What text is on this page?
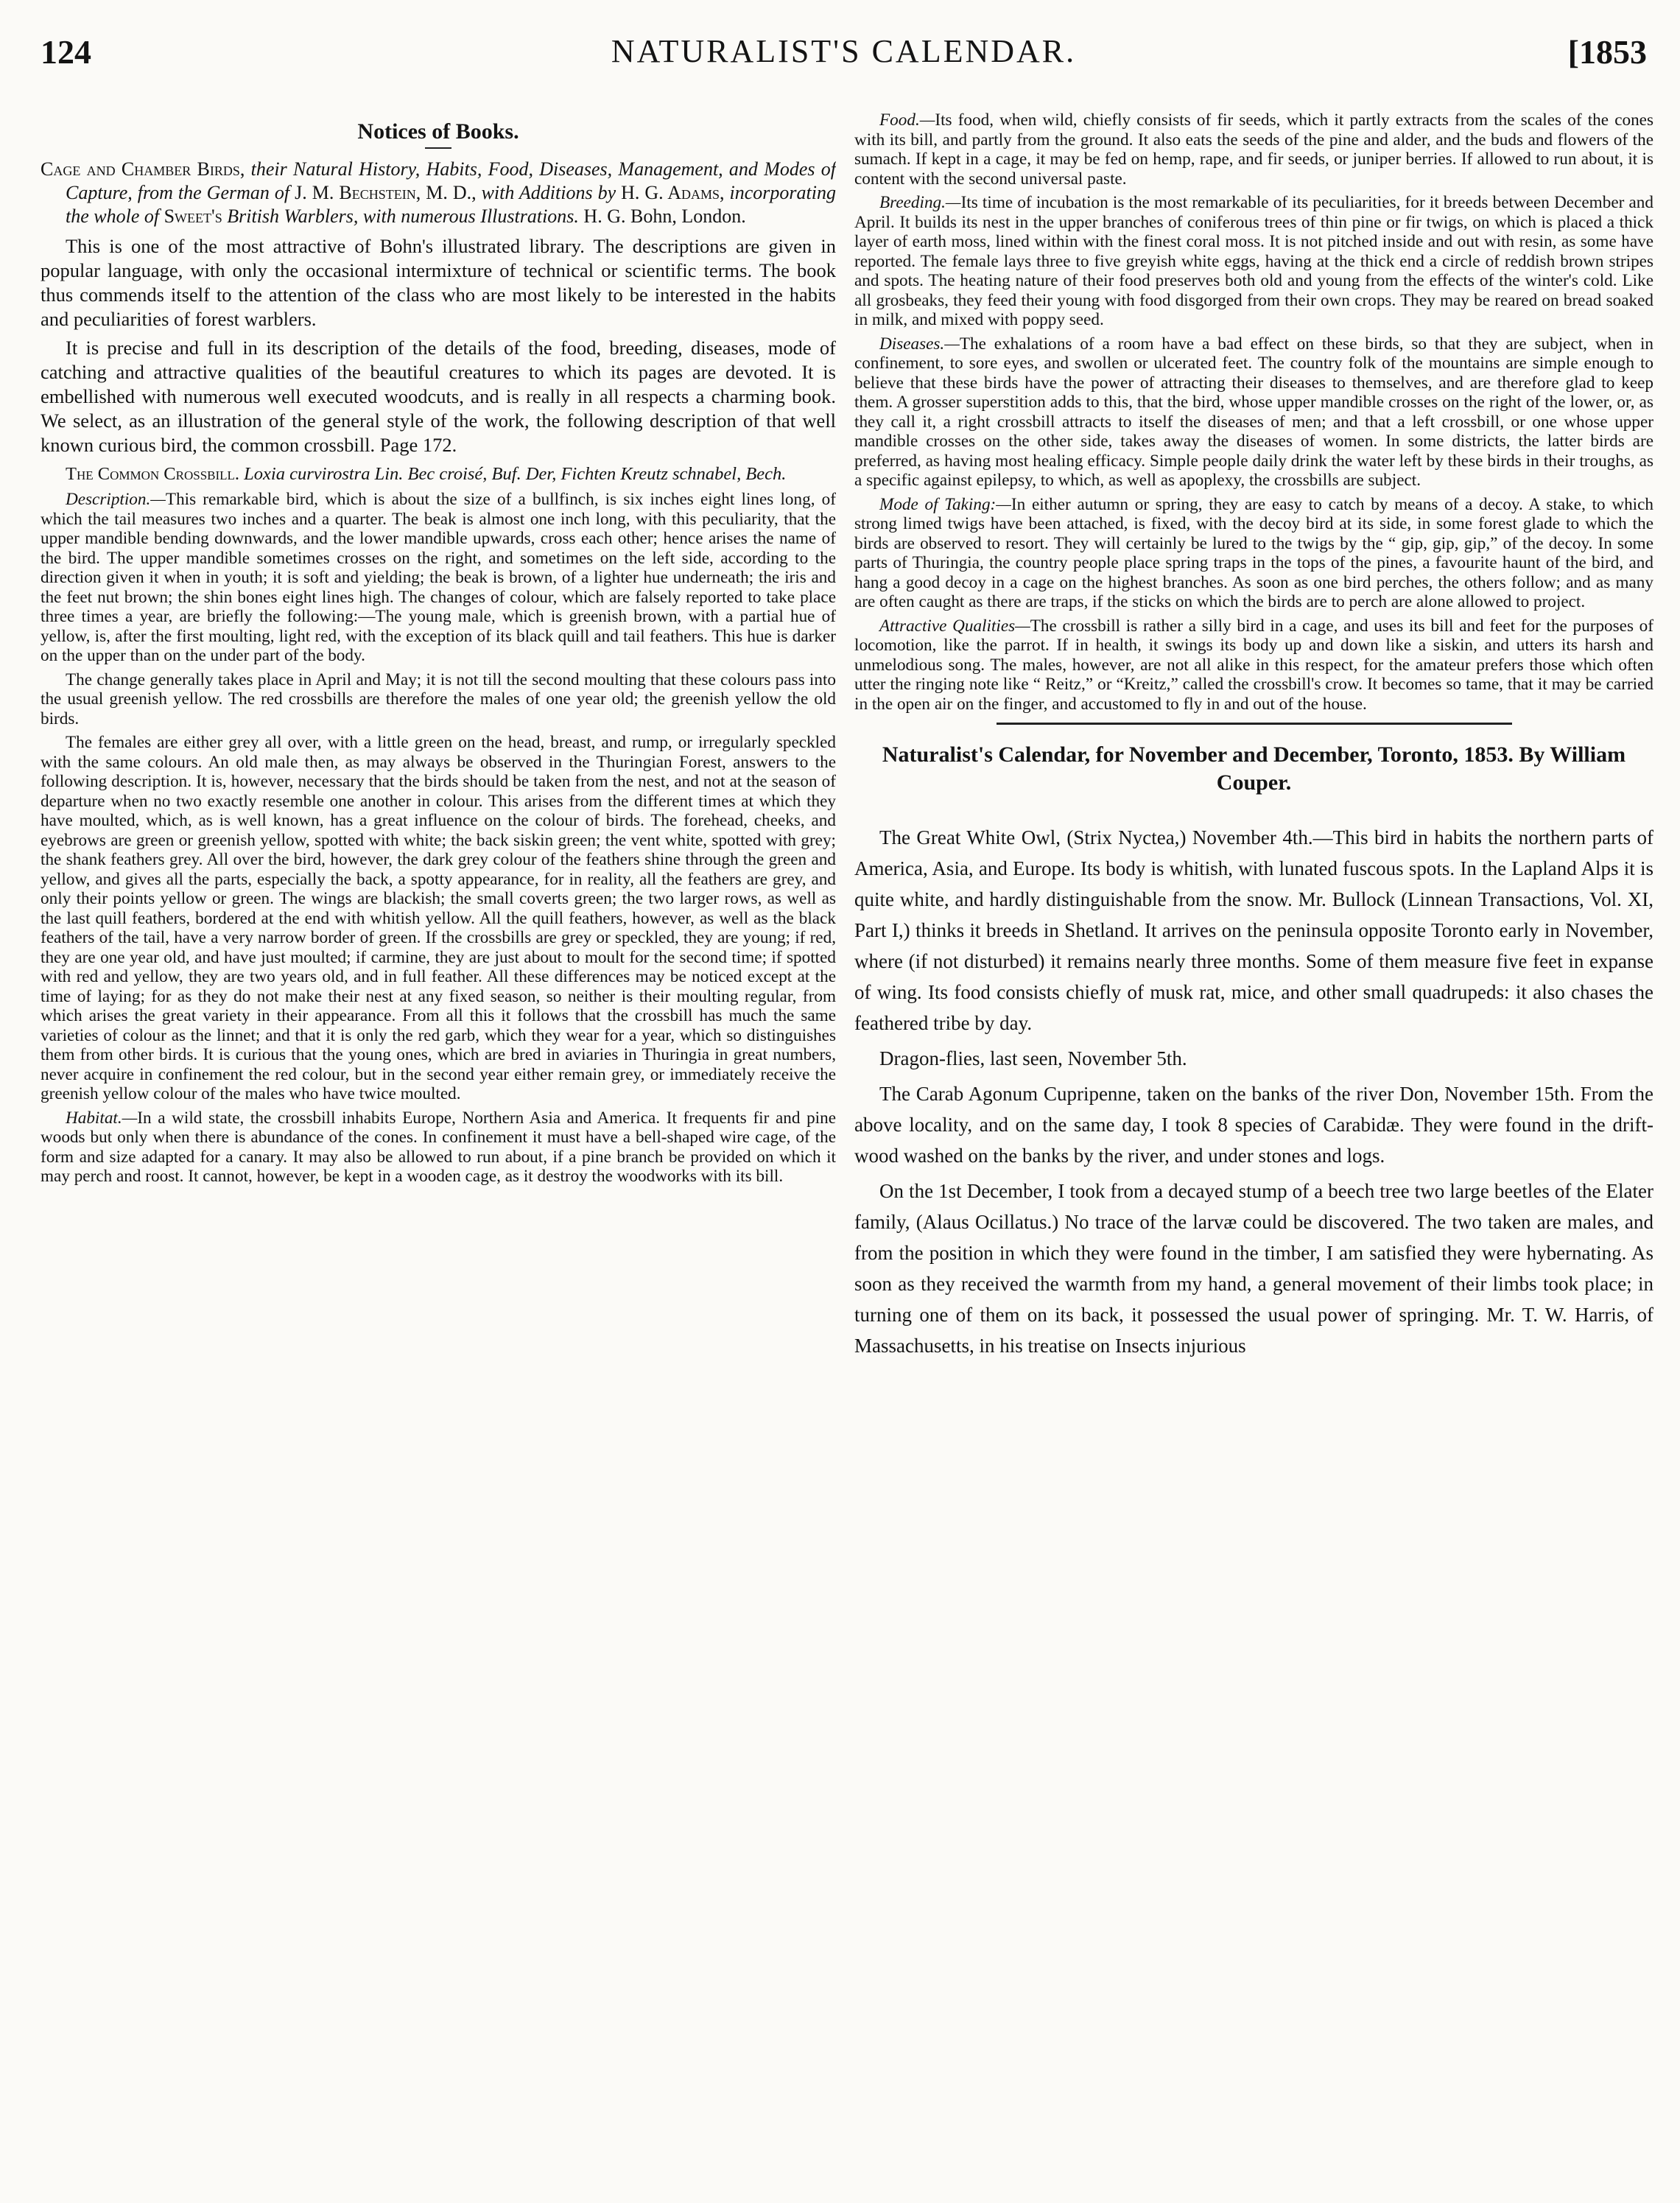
124	NATURALIST'S CALENDAR.	[1853
Notices of Books.

Cage and Chamber Birds, their Natural History, Habits, Food, Diseases, Management, and Modes of Capture, from the German of J. M. Bechstein, M. D., with Additions by H. G. Adams, incorporating the whole of Sweet's British Warblers, with numerous Illustrations. H. G. Bohn, London.

This is one of the most attractive of Bohn's illustrated library. The descriptions are given in popular language, with only the occasional intermixture of technical or scientific terms. The book thus commends itself to the attention of the class who are most likely to be interested in the habits and peculiarities of forest warblers.

It is precise and full in its description of the details of the food, breeding, diseases, mode of catching and attractive qualities of the beautiful creatures to which its pages are devoted. It is embellished with numerous well executed woodcuts, and is really in all respects a charming book. We select, as an illustration of the general style of the work, the following description of that well known curious bird, the common crossbill. Page 172.

The Common Crossbill. Loxia curvirostra Lin. Bec croisé, Buf. Der, Fichten Kreutz schnabel, Bech.

Description.—This remarkable bird, which is about the size of a bullfinch, is six inches eight lines long, of which the tail measures two inches and a quarter. The beak is almost one inch long, with this peculiarity, that the upper mandible bending downwards, and the lower mandible upwards, cross each other; hence arises the name of the bird. The upper mandible sometimes crosses on the right, and sometimes on the left side, according to the direction given it when in youth; it is soft and yielding; the beak is brown, of a lighter hue underneath; the iris and the feet nut brown; the shin bones eight lines high. The changes of colour, which are falsely reported to take place three times a year, are briefly the following:—The young male, which is greenish brown, with a partial hue of yellow, is, after the first moulting, light red, with the exception of its black quill and tail feathers. This hue is darker on the upper than on the under part of the body.

The change generally takes place in April and May; it is not till the second moulting that these colours pass into the usual greenish yellow. The red crossbills are therefore the males of one year old; the greenish yellow the old birds.

The females are either grey all over, with a little green on the head, breast, and rump, or irregularly speckled with the same colours. An old male then, as may always be observed in the Thuringian Forest, answers to the following description. It is, however, necessary that the birds should be taken from the nest, and not at the season of departure when no two exactly resemble one another in colour. This arises from the different times at which they have moulted, which, as is well known, has a great influence on the colour of birds. The forehead, cheeks, and eyebrows are green or greenish yellow, spotted with white; the back siskin green; the vent white, spotted with grey; the shank feathers grey. All over the bird, however, the dark grey colour of the feathers shine through the green and yellow, and gives all the parts, especially the back, a spotty appearance, for in reality, all the feathers are grey, and only their points yellow or green. The wings are blackish; the small coverts green; the two larger rows, as well as the last quill feathers, bordered at the end with whitish yellow. All the quill feathers, however, as well as the black feathers of the tail, have a very narrow border of green. If the crossbills are grey or speckled, they are young; if red, they are one year old, and have just moulted; if carmine, they are just about to moult for the second time; if spotted with red and yellow, they are two years old, and in full feather. All these differences may be noticed except at the time of laying; for as they do not make their nest at any fixed season, so neither is their moulting regular, from which arises the great variety in their appearance. From all this it follows that the crossbill has much the same varieties of colour as the linnet; and that it is only the red garb, which they wear for a year, which so distinguishes them from other birds. It is curious that the young ones, which are bred in aviaries in Thuringia in great numbers, never acquire in confinement the red colour, but in the second year either remain grey, or immediately receive the greenish yellow colour of the males who have twice moulted.

Habitat.—In a wild state, the crossbill inhabits Europe, Northern Asia and America. It frequents fir and pine woods but only when there is abundance of the cones. In confinement it must have a bell-shaped wire cage, of the form and size adapted for a canary. It may also be allowed to run about, if a pine branch be provided on which it may perch and roost. It cannot, however, be kept in a wooden cage, as it destroy the woodworks with its bill.

Food.—Its food, when wild, chiefly consists of fir seeds, which it partly extracts from the scales of the cones with its bill, and partly from the ground. It also eats the seeds of the pine and alder, and the buds and flowers of the sumach. If kept in a cage, it may be fed on hemp, rape, and fir seeds, or juniper berries. If allowed to run about, it is content with the second universal paste.

Breeding.—Its time of incubation is the most remarkable of its peculiarities, for it breeds between December and April. It builds its nest in the upper branches of coniferous trees of thin pine or fir twigs, on which is placed a thick layer of earth moss, lined within with the finest coral moss. It is not pitched inside and out with resin, as some have reported. The female lays three to five greyish white eggs, having at the thick end a circle of reddish brown stripes and spots. The heating nature of their food preserves both old and young from the effects of the winter's cold. Like all grosbeaks, they feed their young with food disgorged from their own crops. They may be reared on bread soaked in milk, and mixed with poppy seed.

Diseases.—The exhalations of a room have a bad effect on these birds, so that they are subject, when in confinement, to sore eyes, and swollen or ulcerated feet. The country folk of the mountains are simple enough to believe that these birds have the power of attracting their diseases to themselves, and are therefore glad to keep them. A grosser superstition adds to this, that the bird, whose upper mandible crosses on the right of the lower, or, as they call it, a right crossbill attracts to itself the diseases of men; and that a left crossbill, or one whose upper mandible crosses on the other side, takes away the diseases of women. In some districts, the latter birds are preferred, as having most healing efficacy. Simple people daily drink the water left by these birds in their troughs, as a specific against epilepsy, to which, as well as apoplexy, the crossbills are subject.

Mode of Taking:—In either autumn or spring, they are easy to catch by means of a decoy. A stake, to which strong limed twigs have been attached, is fixed, with the decoy bird at its side, in some forest glade to which the birds are observed to resort. They will certainly be lured to the twigs by the “ gip, gip, gip,” of the decoy. In some parts of Thuringia, the country people place spring traps in the tops of the pines, a favourite haunt of the bird, and hang a good decoy in a cage on the highest branches. As soon as one bird perches, the others follow; and as many are often caught as there are traps, if the sticks on which the birds are to perch are alone allowed to project.

Attractive Qualities—The crossbill is rather a silly bird in a cage, and uses its bill and feet for the purposes of locomotion, like the parrot. If in health, it swings its body up and down like a siskin, and utters its harsh and unmelodious song. The males, however, are not all alike in this respect, for the amateur prefers those which often utter the ringing note like “ Reitz,” or “Kreitz,” called the crossbill's crow. It becomes so tame, that it may be carried in the open air on the finger, and accustomed to fly in and out of the house.

Naturalist's Calendar, for November and December, Toronto, 1853. By William Couper.

The Great White Owl, (Strix Nyctea,) November 4th.—This bird in habits the northern parts of America, Asia, and Europe. Its body is whitish, with lunated fuscous spots. In the Lapland Alps it is quite white, and hardly distinguishable from the snow. Mr. Bullock (Linnean Transactions, Vol. XI, Part I,) thinks it breeds in Shetland. It arrives on the peninsula opposite Toronto early in November, where (if not disturbed) it remains nearly three months. Some of them measure five feet in expanse of wing. Its food consists chiefly of musk rat, mice, and other small quadrupeds: it also chases the feathered tribe by day.

Dragon-flies, last seen, November 5th.

The Carab Agonum Cupripenne, taken on the banks of the river Don, November 15th. From the above locality, and on the same day, I took 8 species of Carabidæ. They were found in the drift-wood washed on the banks by the river, and under stones and logs.

On the 1st December, I took from a decayed stump of a beech tree two large beetles of the Elater family, (Alaus Ocillatus.) No trace of the larvæ could be discovered. The two taken are males, and from the position in which they were found in the timber, I am satisfied they were hybernating. As soon as they received the warmth from my hand, a general movement of their limbs took place; in turning one of them on its back, it possessed the usual power of springing. Mr. T. W. Harris, of Massachusetts, in his treatise on Insects injurious
